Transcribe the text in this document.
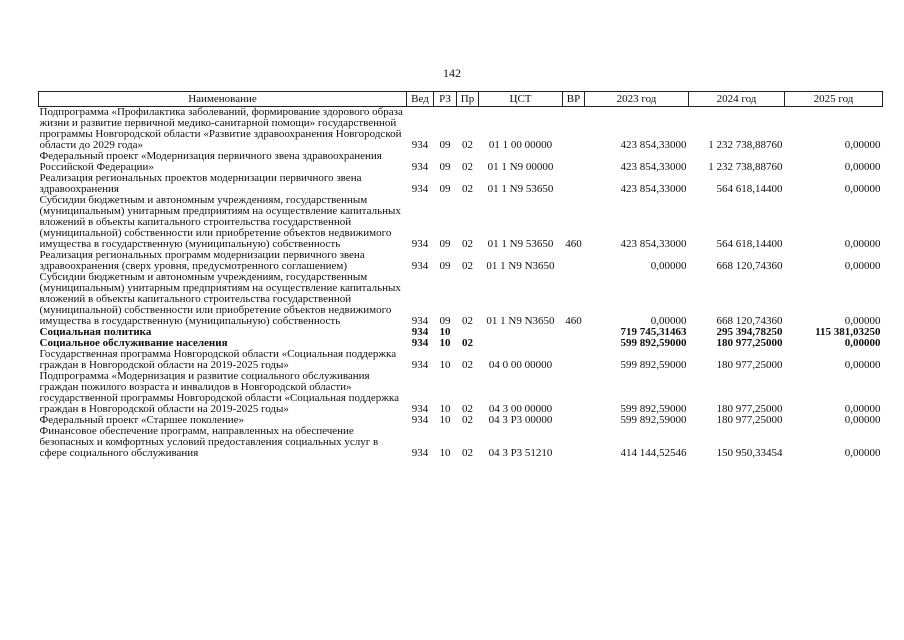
142
Наименование	Вед	РЗ	Пр	ЦСТ	ВР	2023 год	2024 год	2025 год
Подпрограмма «Профилактика заболеваний, формирование здорового образа жизни и развитие первичной медико-санитарной помощи» государственной программы Новгородской области «Развитие здравоохранения Новгородской области до 2029 года»	934	09	02	01 1 00 00000		423 854,33000	1 232 738,88760	0,00000
Федеральный проект «Модернизация первичного звена здравоохранения Российской Федерации»	934	09	02	01 1 N9 00000		423 854,33000	1 232 738,88760	0,00000
Реализация региональных проектов модернизации первичного звена здравоохранения	934	09	02	01 1 N9 53650		423 854,33000	564 618,14400	0,00000
Субсидии бюджетным и автономным учреждениям, государственным (муниципальным) унитарным предприятиям на осуществление капитальных вложений в объекты капитального строительства государственной (муниципальной) собственности или приобретение объектов недвижимого имущества в государственную (муниципальную) собственность	934	09	02	01 1 N9 53650	460	423 854,33000	564 618,14400	0,00000
Реализация региональных программ модернизации первичного звена здравоохранения (сверх уровня, предусмотренного соглашением)	934	09	02	01 1 N9 N3650		0,00000	668 120,74360	0,00000
Субсидии бюджетным и автономным учреждениям, государственным (муниципальным) унитарным предприятиям на осуществление капитальных вложений в объекты капитального строительства государственной (муниципальной) собственности или приобретение объектов недвижимого имущества в государственную (муниципальную) собственность	934	09	02	01 1 N9 N3650	460	0,00000	668 120,74360	0,00000
Социальная политика	934	10				719 745,31463	295 394,78250	115 381,03250
Социальное обслуживание населения	934	10	02			599 892,59000	180 977,25000	0,00000
Государственная программа Новгородской области «Социальная поддержка граждан в Новгородской области на 2019-2025 годы»	934	10	02	04 0 00 00000		599 892,59000	180 977,25000	0,00000
Подпрограмма «Модернизация и развитие социального обслуживания граждан пожилого возраста и инвалидов в Новгородской области» государственной программы Новгородской области «Социальная поддержка граждан в Новгородской области на 2019-2025 годы»	934	10	02	04 3 00 00000		599 892,59000	180 977,25000	0,00000
Федеральный проект «Старшее поколение»	934	10	02	04 3 P3 00000		599 892,59000	180 977,25000	0,00000
Финансовое обеспечение программ, направленных на обеспечение безопасных и комфортных условий предоставления социальных услуг в сфере социального обслуживания	934	10	02	04 3 P3 51210		414 144,52546	150 950,33454	0,00000
